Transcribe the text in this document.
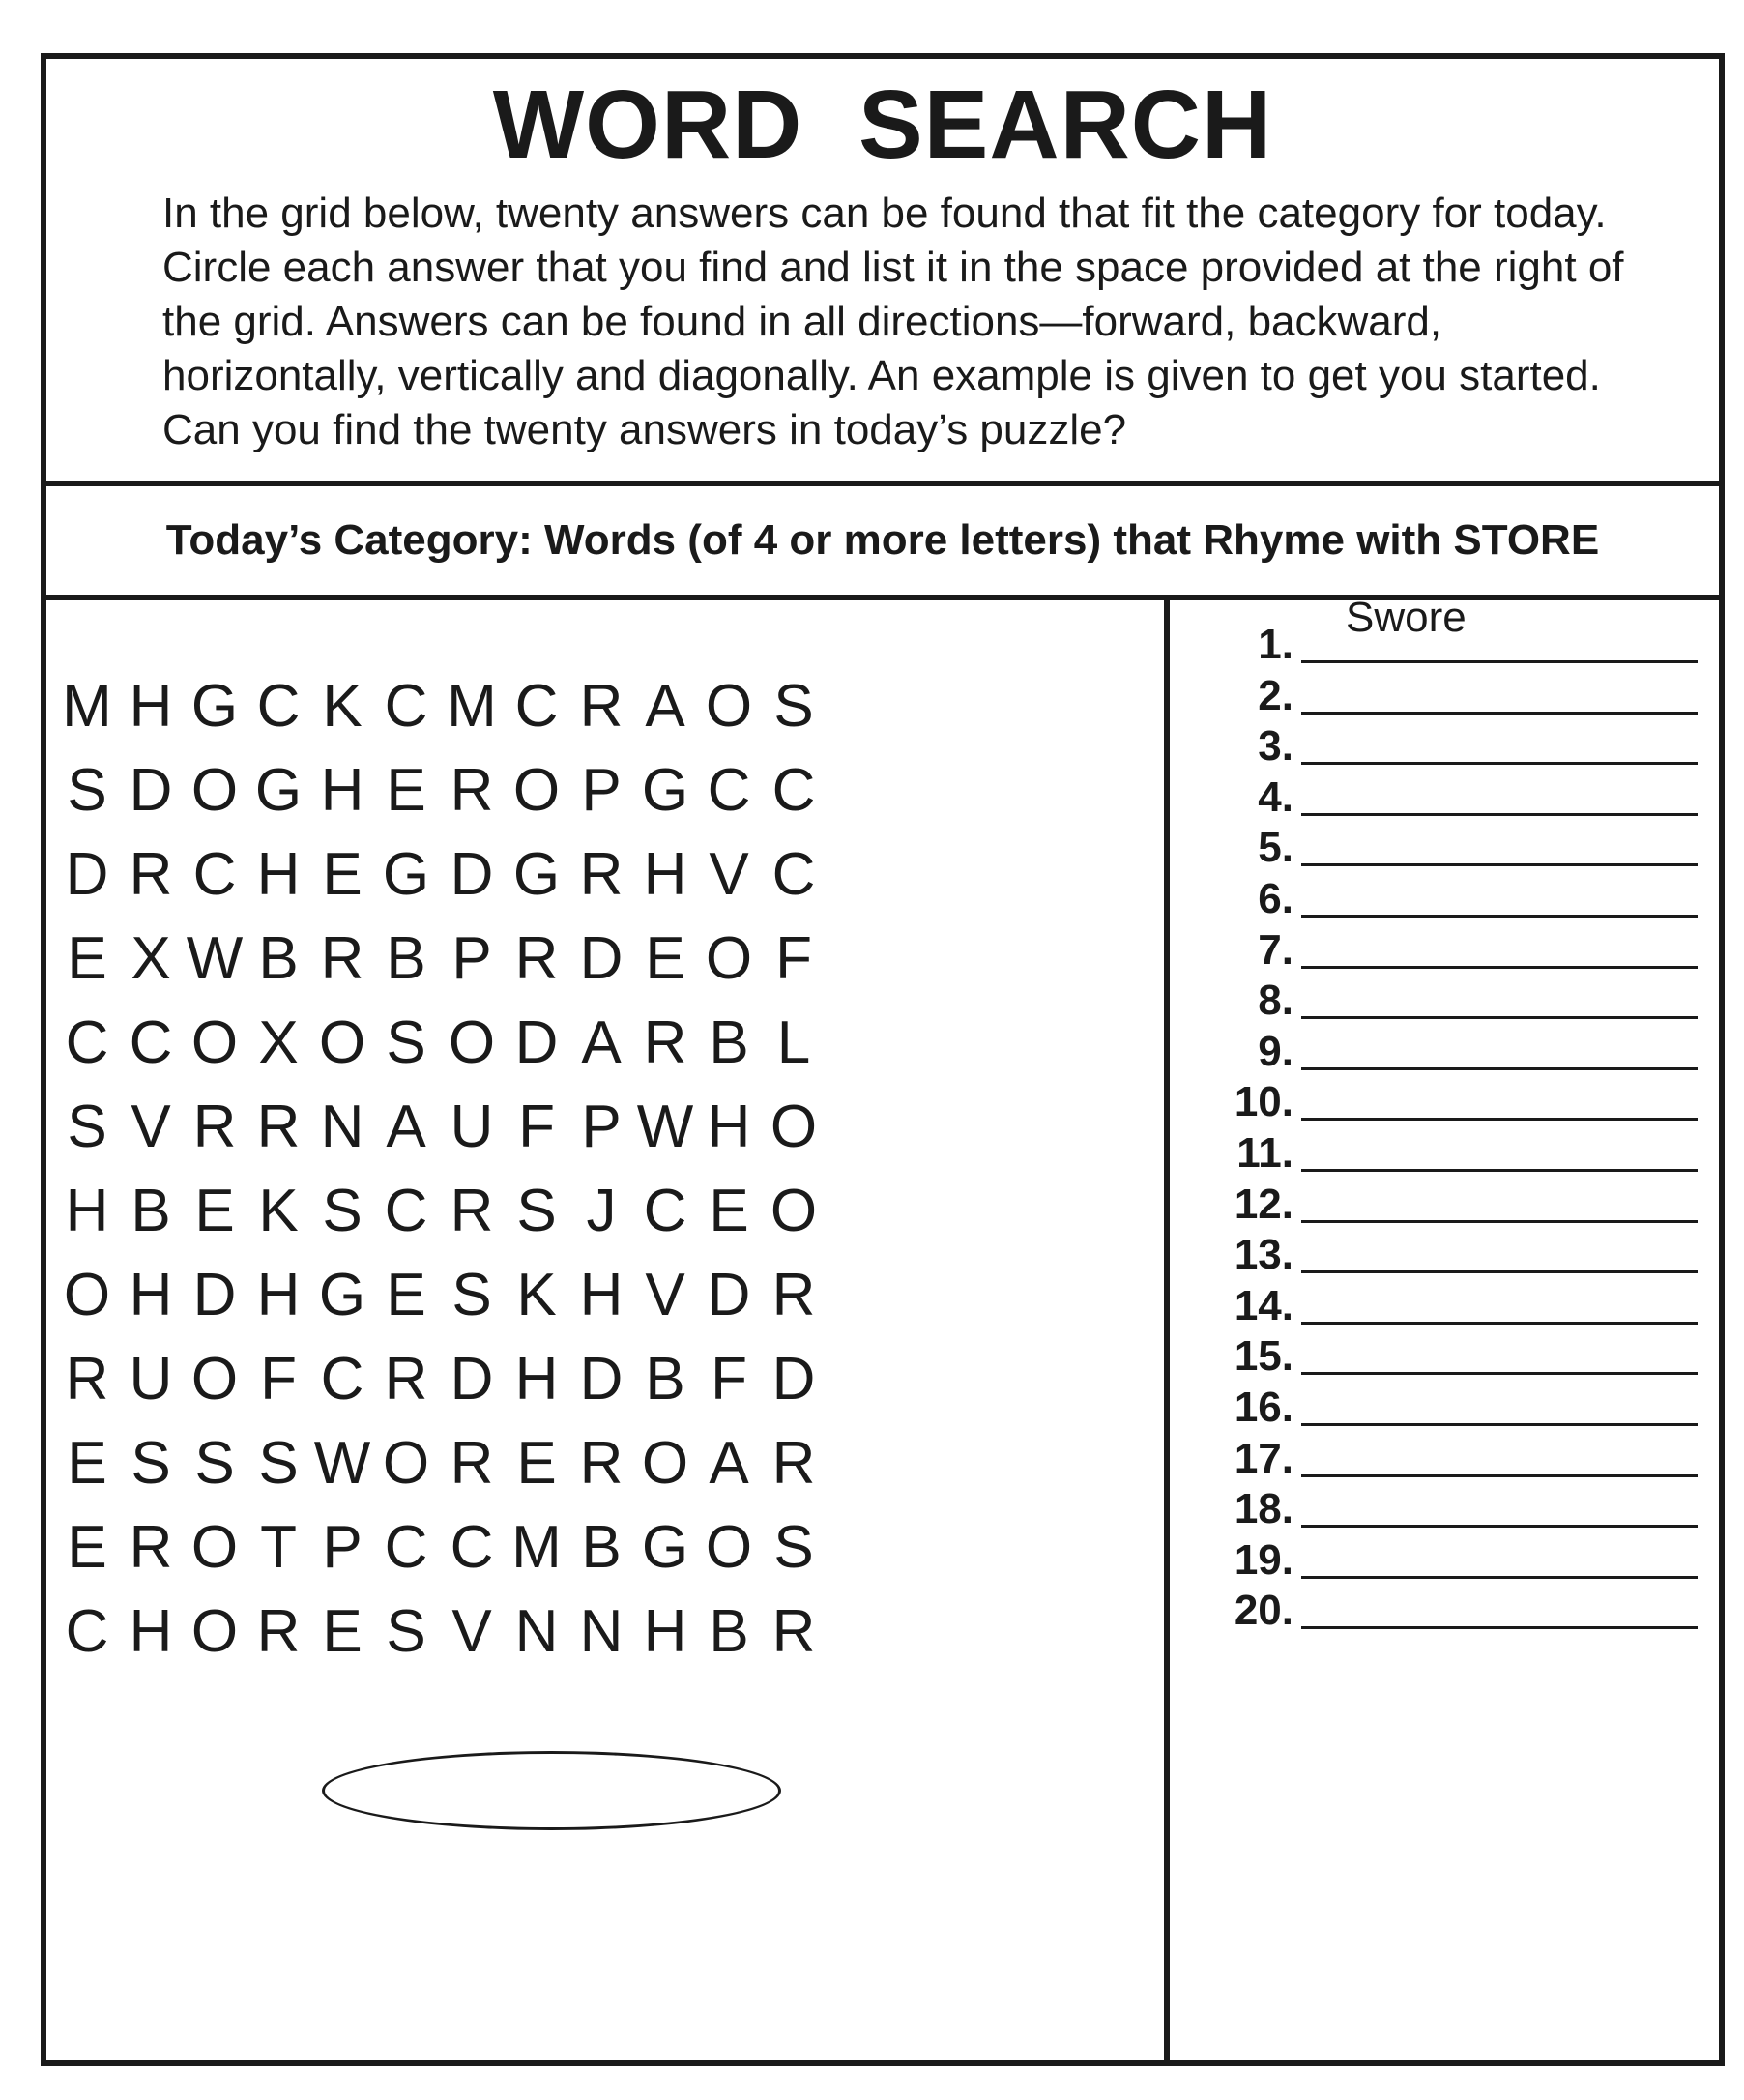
WORD  SEARCH

In the grid below, twenty answers can be found that fit the category for today. Circle each answer that you find and list it in the space provided at the right of the grid. Answers can be found in all directions—forward, backward, horizontally, vertically and diagonally. An example is given to get you started. Can you find the twenty answers in today’s puzzle?

Today’s Category: Words (of 4 or more letters) that Rhyme with STORE
M H G C K C M C R A O S
S D O G H E R O P G C C
D R C H E G D G R H V C
E X W B R B P R D E O F
C C O X O S O D A R B L
S V R R N A U F P W H O
H B E K S C R S J C E O
O H D H G E S K H V D R
R U O F C R D H D B F D
E S S S W O R E R O A R
E R O T P C C M B G O S
C H O R E S V N N H B R
1.
Swore
2.
3.
4.
5.
6.
7.
8.
9.
10.
11.
12.
13.
14.
15.
16.
17.
18.
19.
20.
